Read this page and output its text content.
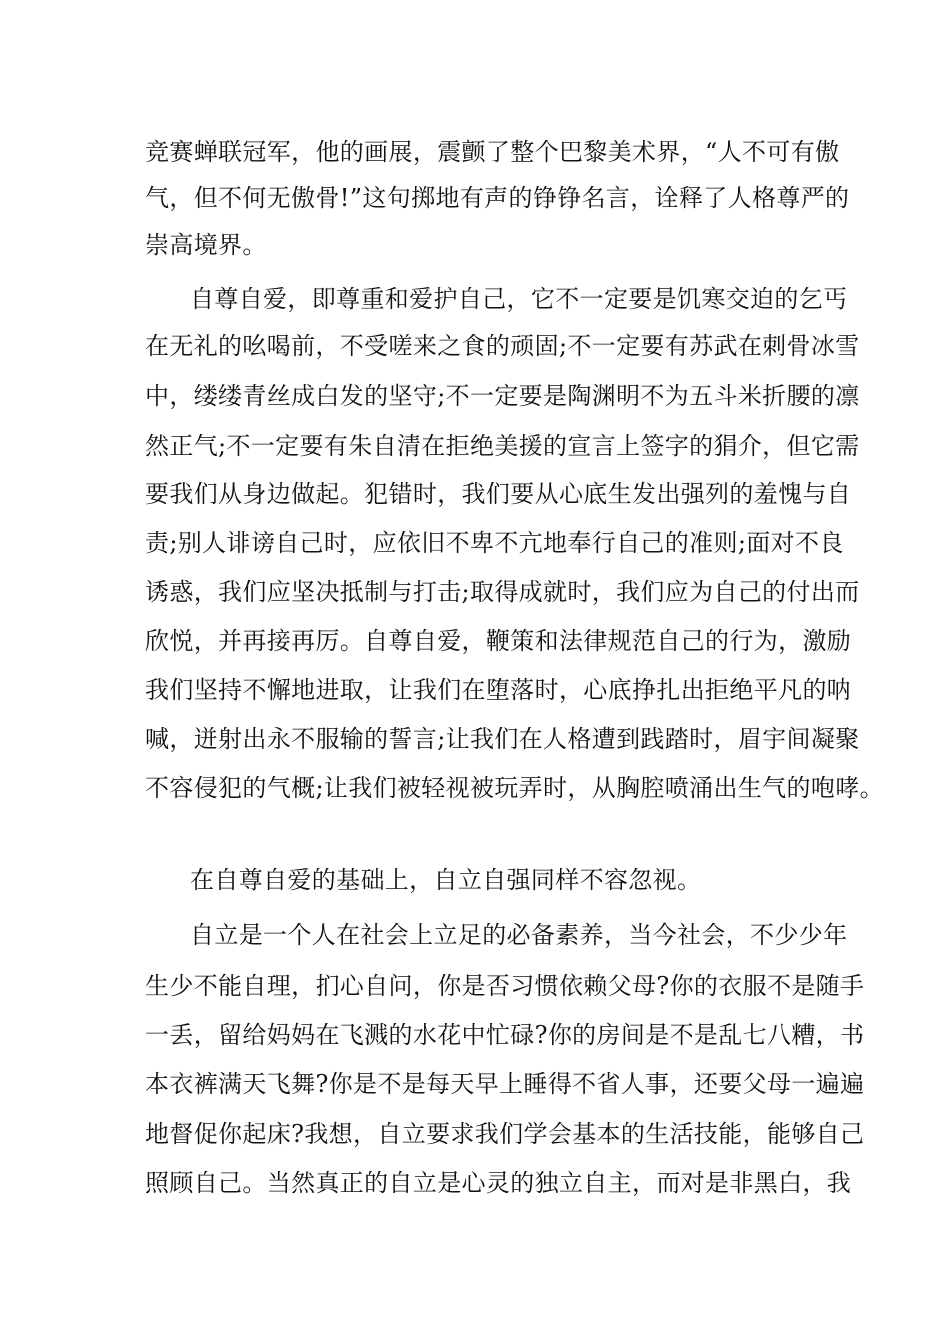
竞赛蝉联冠军，他的画展，震颤了整个巴黎美术界，“人不可有傲
气，但不何无傲骨!”这句掷地有声的铮铮名言，诠释了人格尊严的
崇高境界。
自尊自爱，即尊重和爱护自己，它不一定要是饥寒交迫的乞丐
在无礼的吆喝前，不受嗟来之食的顽固;不一定要有苏武在刺骨冰雪
中，缕缕青丝成白发的坚守;不一定要是陶渊明不为五斗米折腰的凛
然正气;不一定要有朱自清在拒绝美援的宣言上签字的狷介，但它需
要我们从身边做起。犯错时，我们要从心底生发出强列的羞愧与自
责;别人诽谤自己时，应依旧不卑不亢地奉行自己的准则;面对不良
诱惑，我们应坚决抵制与打击;取得成就时，我们应为自己的付出而
欣悦，并再接再厉。自尊自爱，鞭策和法律规范自己的行为，激励
我们坚持不懈地进取，让我们在堕落时，心底挣扎出拒绝平凡的呐
喊，迸射出永不服输的誓言;让我们在人格遭到践踏时，眉宇间凝聚
不容侵犯的气概;让我们被轻视被玩弄时，从胸腔喷涌出生气的咆哮。
在自尊自爱的基础上，自立自强同样不容忽视。
自立是一个人在社会上立足的必备素养，当今社会，不少少年
生少不能自理，扪心自问，你是否习惯依赖父母?你的衣服不是随手
一丢，留给妈妈在飞溅的水花中忙碌?你的房间是不是乱七八糟，书
本衣裤满天飞舞?你是不是每天早上睡得不省人事，还要父母一遍遍
地督促你起床?我想，自立要求我们学会基本的生活技能，能够自己
照顾自己。当然真正的自立是心灵的独立自主，而对是非黑白，我
